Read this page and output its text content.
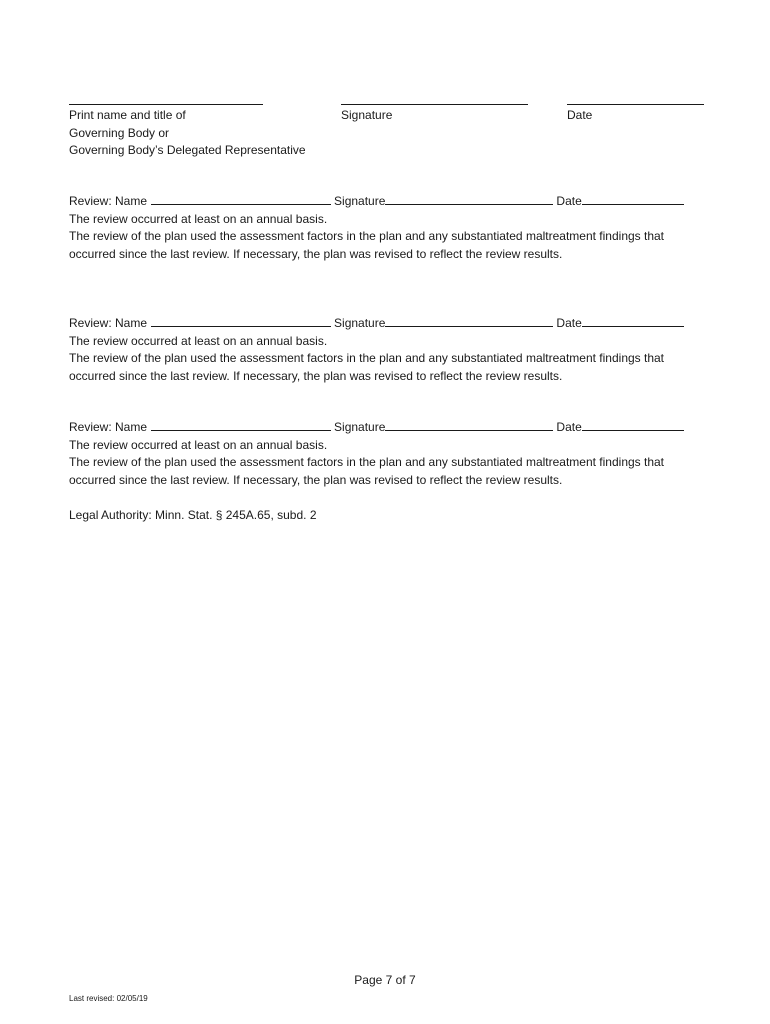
Print name and title of
Governing Body or
Governing Body’s Delegated Representative
Signature	Date
Review: Name	Signature	Date

The review occurred at least on an annual basis.

The review of the plan used the assessment factors in the plan and any substantiated maltreatment findings that

occurred since the last review. If necessary, the plan was revised to reflect the review results.

Review: Name	Signature	Date

The review occurred at least on an annual basis.

The review of the plan used the assessment factors in the plan and any substantiated maltreatment findings that

occurred since the last review. If necessary, the plan was revised to reflect the review results.

Review: Name	Signature	Date

The review occurred at least on an annual basis.

The review of the plan used the assessment factors in the plan and any substantiated maltreatment findings that

occurred since the last review. If necessary, the plan was revised to reflect the review results.

Legal Authority: Minn. Stat. § 245A.65, subd. 2
Page 7 of 7
Last revised: 02/05/19
